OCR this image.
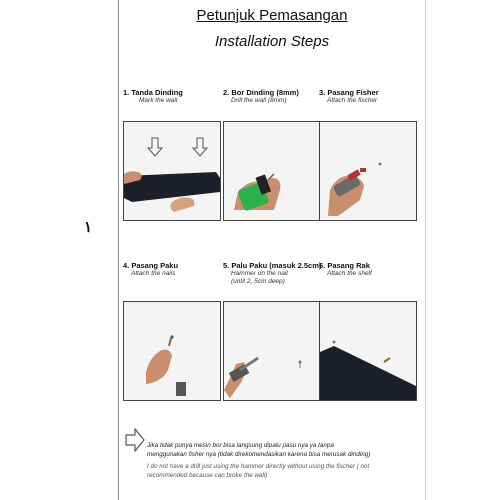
۱
Petunjuk Pemasangan
Installation Steps
1. Tanda Dinding
Mark the wall
2. Bor Dinding (8mm)
Drill the wall (8mm)
3. Pasang Fisher
Attach the fischer
4. Pasang Paku
Attach the nails
5. Palu Paku (masuk 2.5cm)
Hammer on the nail
(until 2, 5cm deep)
6. Pasang Rak
Attach the shelf
Jika tidak punya mesin bor bisa langsung dipalu pasu nya ya tanpa
menggunakan fisher nya (tidak direkomendasikan karena bisa merusak dinding)
I do not have a drill just using the hammer directly without using the fischer ( not
recommended because can broke the wall)
